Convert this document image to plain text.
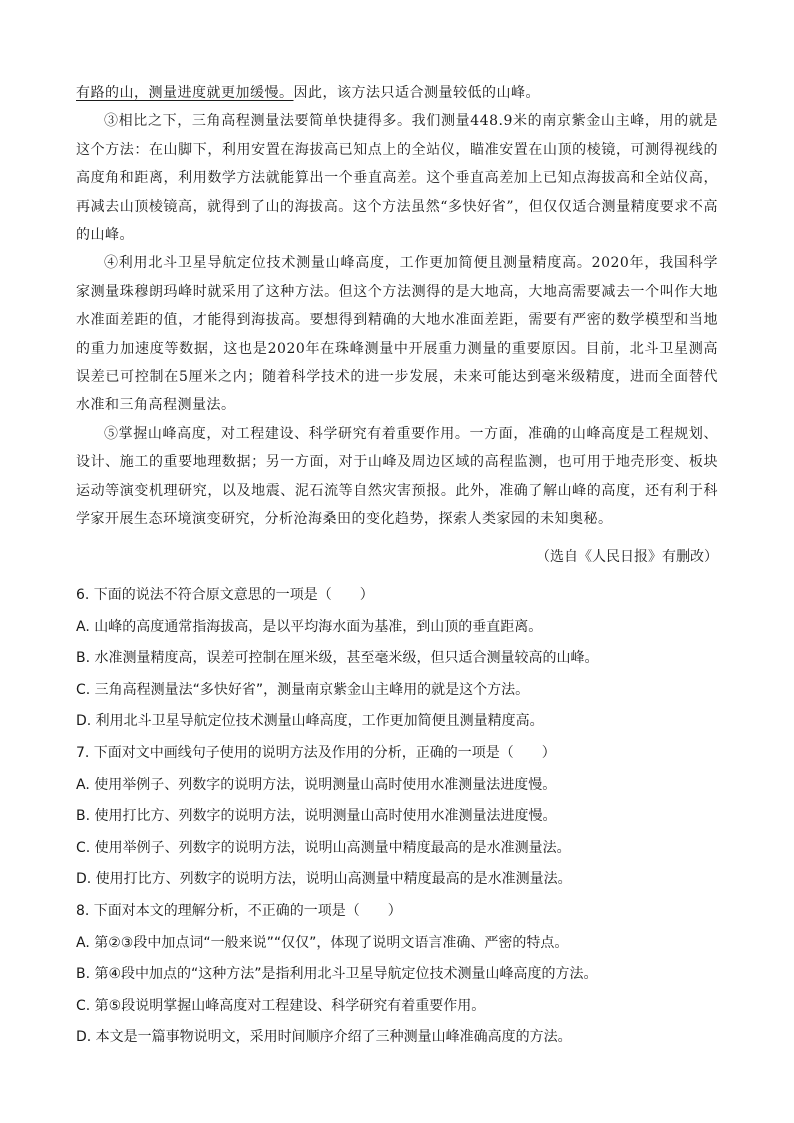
有路的山，测量进度就更加缓慢。因此，该方法只适合测量较低的山峰。

③相比之下，三角高程测量法要简单快捷得多。我们测量448.9米的南京紫金山主峰，用的就是这个方法：在山脚下，利用安置在海拔高已知点上的全站仪，瞄准安置在山顶的棱镜，可测得视线的高度角和距离，利用数学方法就能算出一个垂直高差。这个垂直高差加上已知点海拔高和全站仪高，再减去山顶棱镜高，就得到了山的海拔高。这个方法虽然“多快好省”，但仅仅适合测量精度要求不高的山峰。

④利用北斗卫星导航定位技术测量山峰高度，工作更加简便且测量精度高。2020年，我国科学家测量珠穆朗玛峰时就采用了这种方法。但这个方法测得的是大地高，大地高需要减去一个叫作大地水准面差距的值，才能得到海拔高。要想得到精确的大地水准面差距，需要有严密的数学模型和当地的重力加速度等数据，这也是2020年在珠峰测量中开展重力测量的重要原因。目前，北斗卫星测高误差已可控制在5厘米之内；随着科学技术的进一步发展，未来可能达到毫米级精度，进而全面替代水准和三角高程测量法。

⑤掌握山峰高度，对工程建设、科学研究有着重要作用。一方面，准确的山峰高度是工程规划、设计、施工的重要地理数据；另一方面，对于山峰及周边区域的高程监测，也可用于地壳形变、板块运动等演变机理研究，以及地震、泥石流等自然灾害预报。此外，准确了解山峰的高度，还有利于科学家开展生态环境演变研究，分析沧海桑田的变化趋势，探索人类家园的未知奥秘。

（选自《人民日报》有删改）
6. 下面的说法不符合原文意思的一项是（　　）
A. 山峰的高度通常指海拔高，是以平均海水面为基准，到山顶的垂直距离。
B. 水准测量精度高，误差可控制在厘米级，甚至毫米级，但只适合测量较高的山峰。
C. 三角高程测量法“多快好省”，测量南京紫金山主峰用的就是这个方法。
D. 利用北斗卫星导航定位技术测量山峰高度，工作更加简便且测量精度高。
7. 下面对文中画线句子使用的说明方法及作用的分析，正确的一项是（　　）
A. 使用举例子、列数字的说明方法，说明测量山高时使用水准测量法进度慢。
B. 使用打比方、列数字的说明方法，说明测量山高时使用水准测量法进度慢。
C. 使用举例子、列数字的说明方法，说明山高测量中精度最高的是水准测量法。
D. 使用打比方、列数字的说明方法，说明山高测量中精度最高的是水准测量法。
8. 下面对本文的理解分析，不正确的一项是（　　）
A. 第②③段中加点词“一般来说”“仅仅”，体现了说明文语言准确、严密的特点。
B. 第④段中加点的“这种方法”是指利用北斗卫星导航定位技术测量山峰高度的方法。
C. 第⑤段说明掌握山峰高度对工程建设、科学研究有着重要作用。
D. 本文是一篇事物说明文，采用时间顺序介绍了三种测量山峰准确高度的方法。
